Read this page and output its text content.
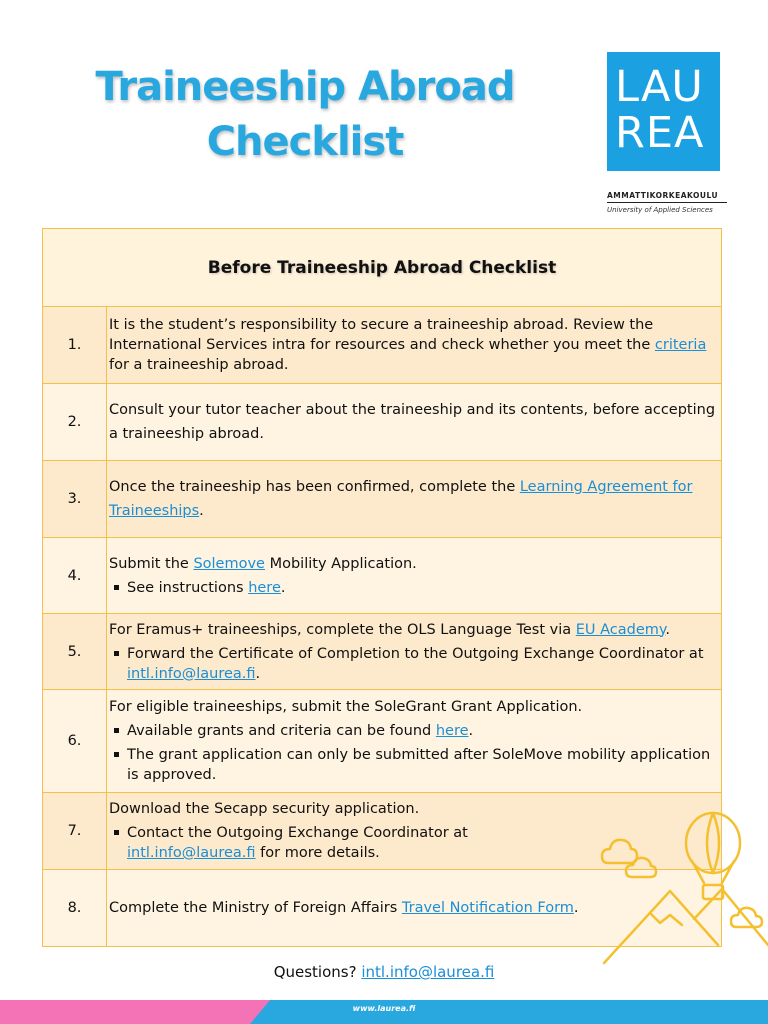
Traineeship Abroad
Checklist
LAU
REA
AMMATTIKORKEAKOULU
University of Applied Sciences
Before Traineeship Abroad Checklist	
1.	It is the student’s responsibility to secure a traineeship abroad. Review the International Services intra for resources and check whether you meet the criteria for a traineeship abroad.

2.	Consult your tutor teacher about the traineeship and its contents, before accepting a traineeship abroad.

3.	Once the traineeship has been confirmed, complete the Learning Agreement for Traineeships.

4.	Submit the Solemove Mobility Application.

See instructions here.

5.	For Eramus+ traineeships, complete the OLS Language Test via EU Academy.

Forward the Certificate of Completion to the Outgoing Exchange Coordinator at intl.info@laurea.fi.

6.	For eligible traineeships, submit the SoleGrant Grant Application.

Available grants and criteria can be found here.

The grant application can only be submitted after SoleMove mobility application is approved.

7.	Download the Secapp security application.

Contact the Outgoing Exchange Coordinator at intl.info@laurea.fi for more details.

8.	Complete the Ministry of Foreign Affairs Travel Notification Form.

Questions? intl.info@laurea.fi
www.laurea.fi
